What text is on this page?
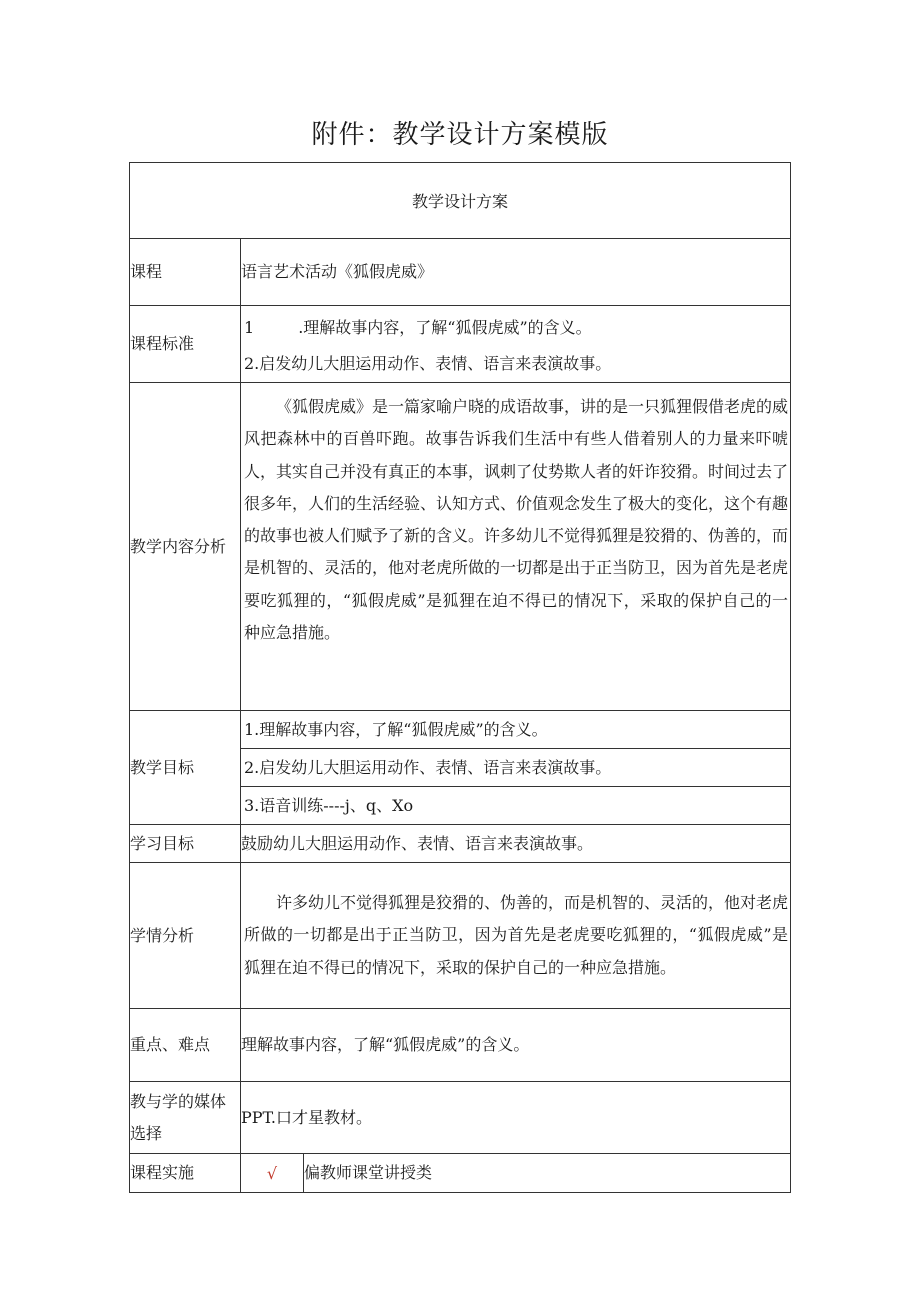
附件：教学设计方案模版
教学设计方案		
课程	语言艺术活动《狐假虎威》	
课程标准	1 .理解故事内容，了解“狐假虎威”的含义。
2.启发幼儿大胆运用动作、表情、语言来表演故事。	

教学内容分析	《狐假虎威》是一篇家喻户晓的成语故事，讲的是一只狐狸假借老虎的威风把森林中的百兽吓跑。故事告诉我们生活中有些人借着别人的力量来吓唬人，其实自己并没有真正的本事，讽刺了仗势欺人者的奸诈狡猾。时间过去了很多年，人们的生活经验、认知方式、价值观念发生了极大的变化，这个有趣的故事也被人们赋予了新的含义。许多幼儿不觉得狐狸是狡猾的、伪善的，而是机智的、灵活的，他对老虎所做的一切都是出于正当防卫，因为首先是老虎要吃狐狸的，“狐假虎威”是狐狸在迫不得已的情况下，采取的保护自己的一种应急措施。	

教学目标	1.理解故事内容，了解“狐假虎威”的含义。
2.启发幼儿大胆运用动作、表情、语言来表演故事。
3.语音训练----j、q、Xo	

学习目标	鼓励幼儿大胆运用动作、表情、语言来表演故事。	
学情分析	许多幼儿不觉得狐狸是狡猾的、伪善的，而是机智的、灵活的，他对老虎所做的一切都是出于正当防卫，因为首先是老虎要吃狐狸的，“狐假虎威”是狐狸在迫不得已的情况下，采取的保护自己的一种应急措施。	

重点、难点	理解故事内容，了解“狐假虎威”的含义。	
教与学的媒体选择	PPT.口才星教材。	
课程实施	√	偏教师课堂讲授类
